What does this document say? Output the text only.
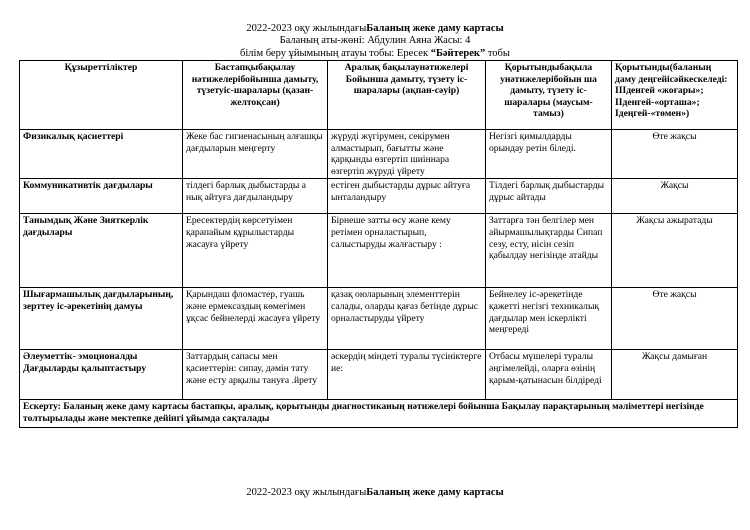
2022-2023 оқу жылындағыБаланың жеке даму картасы
Баланың аты-жөні: Абдулин Аяна Жасы: 4
білім беру ұйымының атауы тобы: Ересек “Бәйтерек” тобы
Құзыреттіліктер	Бастапқыбақылау нәтижелерібойынша дамыту, түзетуіс-шаралары (қазан-желтоқсан)	Аралық бақылаунәтижелері Бойынша дамыту, түзету іс-шаралары (ақпан-сәуір)	Қорытындыбақыла унәтижелерібойын ша дамыту, түзету іс-шаралары (маусым-тамыз)	Қорытынды(баланың даму деңгейісәйкескеледі: ІІІденгей «жоғары»; ІІденгей-«орташа»; Ідеңгей-«төмен»)
Физикалық қасиеттері	Жеке бас гигиенасының алғашқы дағдыларын меңгерту	жүруді жүгірумен, секірумен алмастырып, бағытты және қарқынды өзгертіп шиіннара өзгертіп жүруді үйрету	Негізгі қимылдарды орындау ретін біледі.	Өте жақсы
Коммуникативтік дағдылары	тілдегі барлық дыбыстарды а нық айтуға дағдыландыру	естіген дыбыстарды дұрыс айтуға ынталандыру	Тілдегі барлық дыбыстарды дұрыс айтады	Жақсы
Танымдық Және Зияткерлік дағдылары	Ересектердің көрсетуімен қарапайым құрылыстарды жасауға үйрету	Бірнеше затты өсу және кему ретімен орналастырып, салыстыруды жалғастыру :	Заттарға тән белгілер мен айырмашылықтарды Сипап сезу, есту, иісін сезіп қабылдау негізінде атайды	Жақсы ажыратады
Шығармашылық дағдыларының, зерттеу іс-әрекетінің дамуы	Қарындаш фломастер, гуашь және ермексаздың көмегімен ұқсас бейнелерді жасауға үйрету	қазақ оюларының элементтерін салады, оларды қағаз бетінде дұрыс орналастыруды үйрету	Бейнелеу іс-әрекетінде қажетті негізгі техникалық дағдылар мен іскерлікті меңгереді	Өте жақсы
Әлеуметтік- эмоционалды Дағдыларды қалыптастыру	Заттардың сапасы мен қасиеттерін: сипау, дәмін тату және есту арқылы тануға .йрету	әскердің міндеті туралы түсініктерге ие:	Отбасы мүшелері туралы әңгімелейді, оларға өзінің қарым-қатынасын білдіреді	Жақсы дамыған
Ескерту: Баланың жеке даму картасы бастапқы, аралық, қорытынды диагностиканың нәтижелері бойынша Бақылау парақтарының мәліметтері негізінде толтырылады және мектепке дейінгі ұйымда сақталады				
2022-2023 оқу жылындағыБаланың жеке даму картасы
